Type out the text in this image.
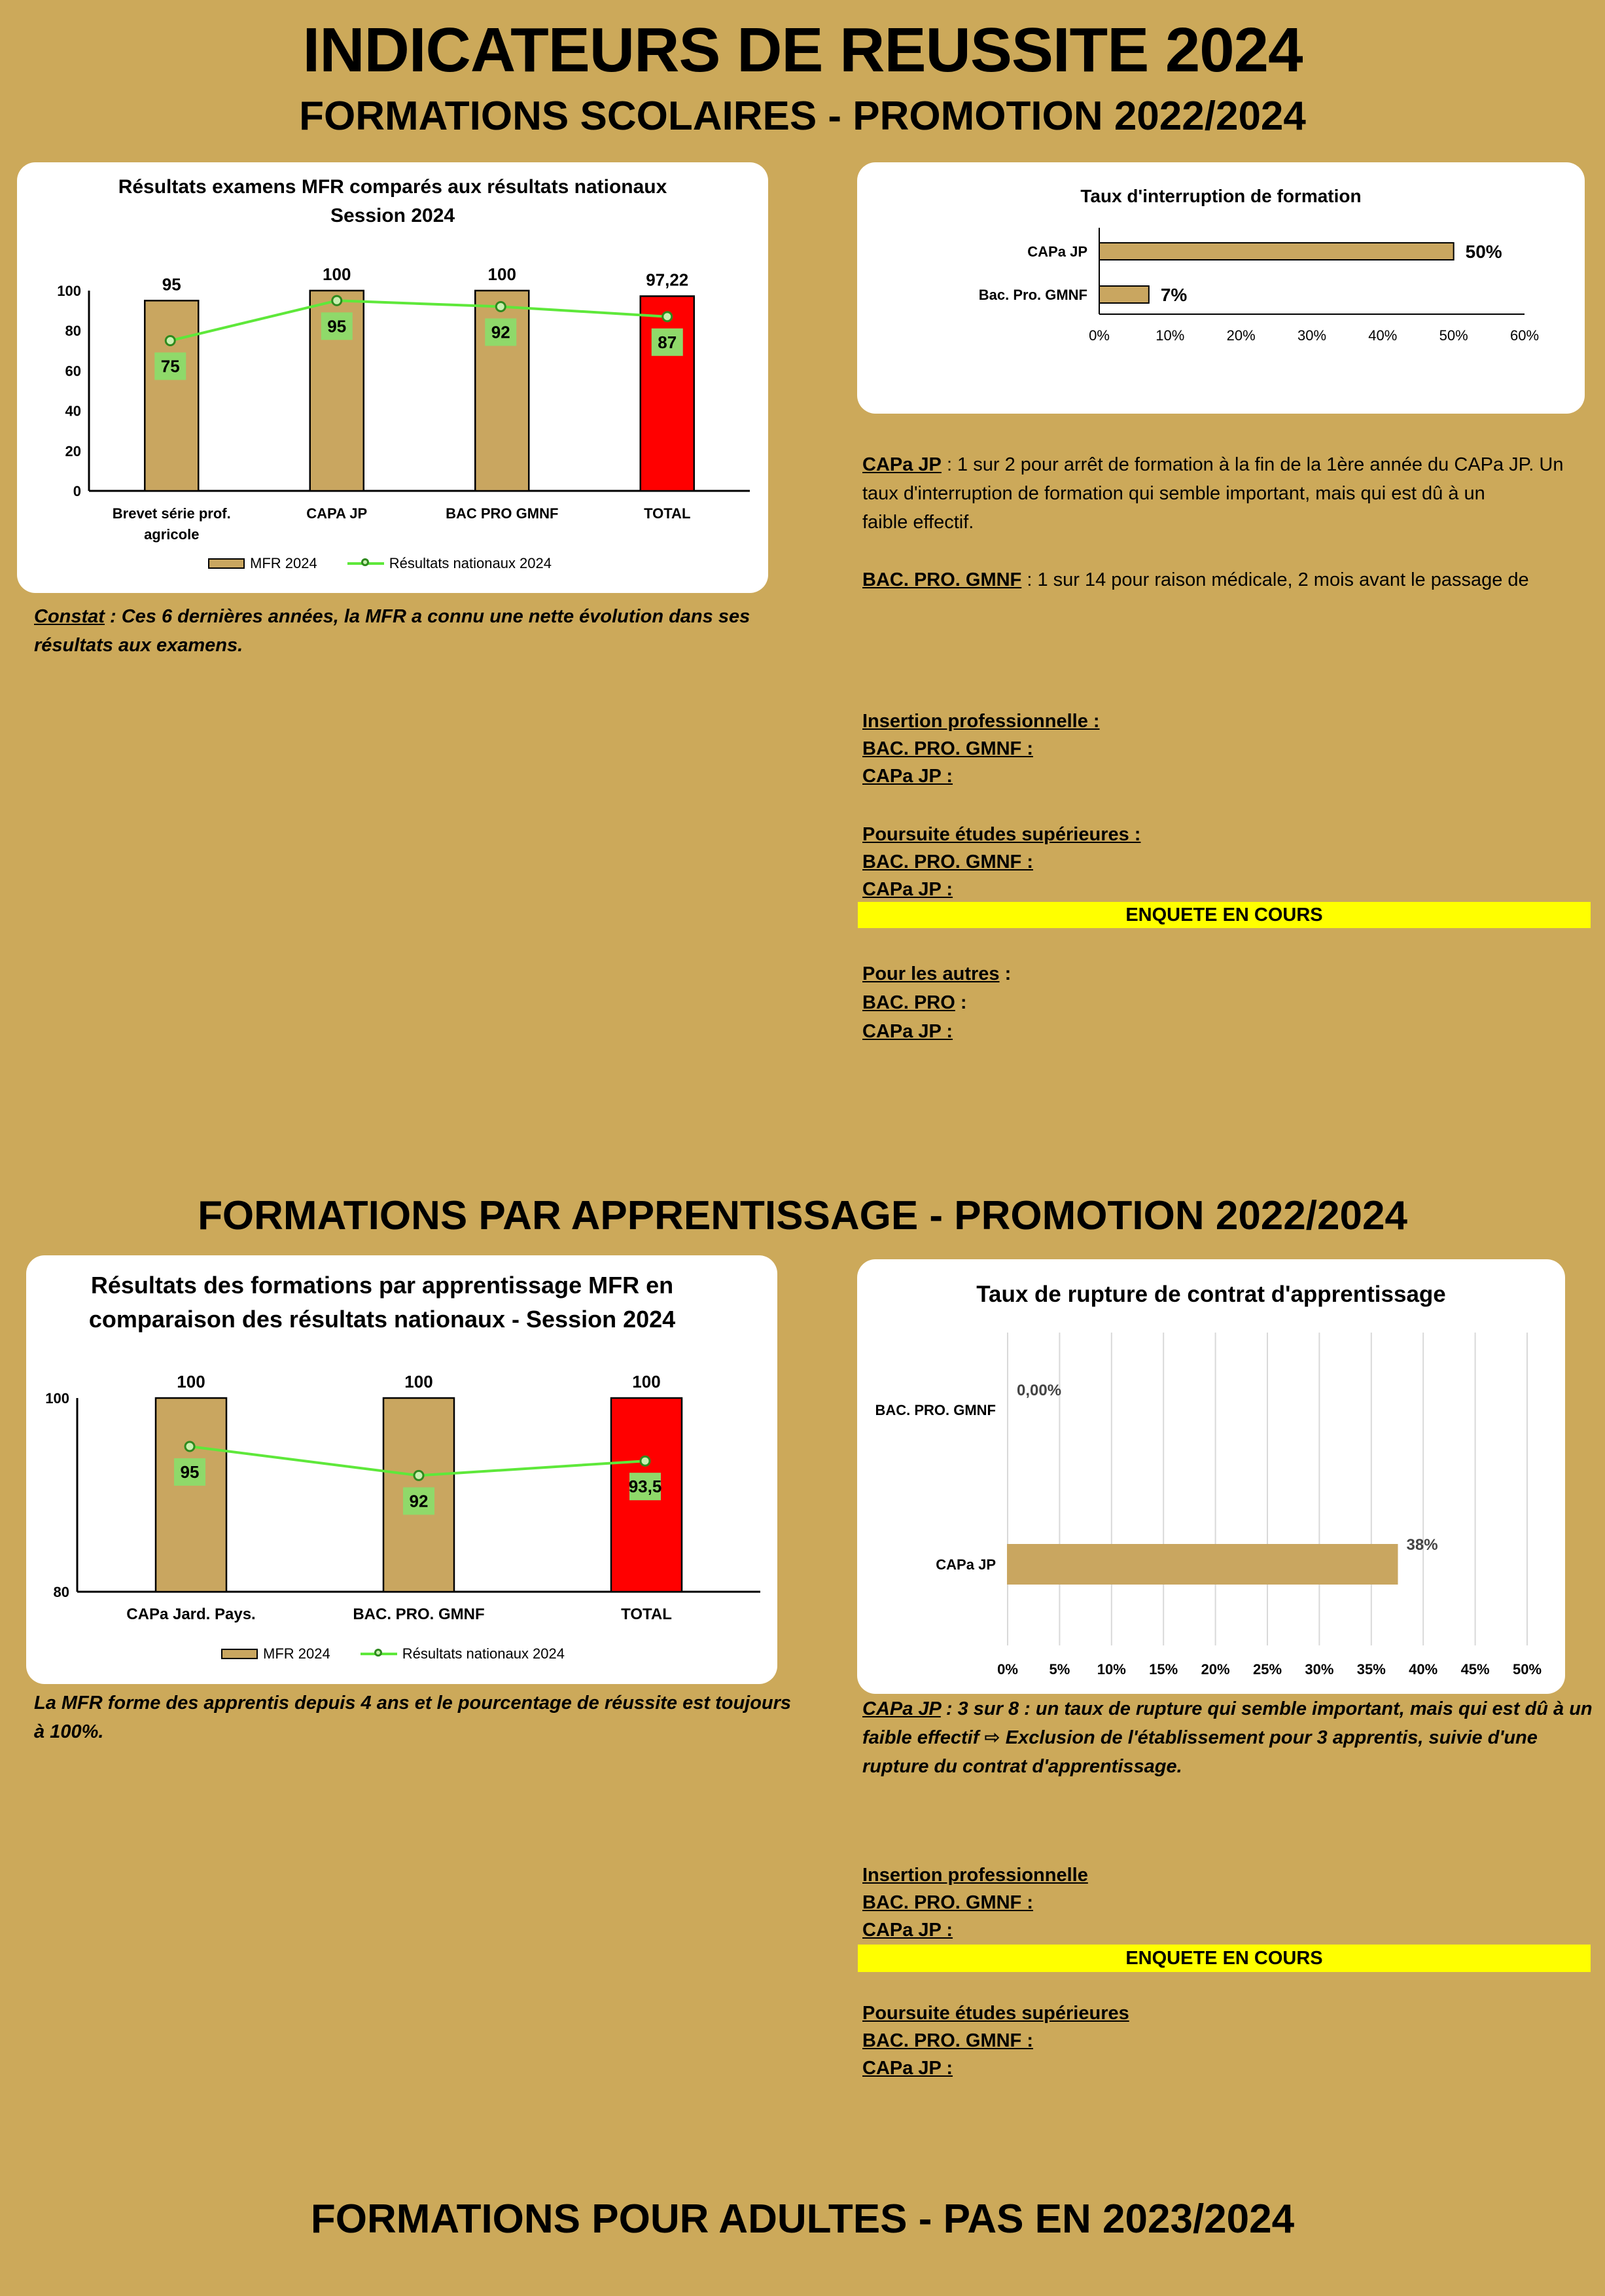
INDICATEURS DE REUSSITE 2024
FORMATIONS SCOLAIRES - PROMOTION 2022/2024
FORMATIONS PAR APPRENTISSAGE - PROMOTION 2022/2024
FORMATIONS POUR ADULTES - PAS EN 2023/2024
Résultats examens MFR comparés aux résultats nationaux
Session 2024
0
20
40
60
80
100	95
Brevet série prof.
agricole
100
CAPA JP
100
BAC PRO GMNF
97,22
TOTAL
75
95	92
87
MFR 2024	Résultats nationaux 2024
Taux d'interruption de formation
0%	10%	20%	30%	40%	50%	60%
CAPa JP	50%
Bac. Pro. GMNF	7%
Résultats des formations par apprentissage MFR en
comparaison des résultats nationaux - Session 2024
80
100
100
CAPa Jard. Pays.
100
BAC. PRO. GMNF
100
TOTAL
95
92
93,5
MFR 2024	Résultats nationaux 2024
Taux de rupture de contrat d'apprentissage
0% 5% 10% 15% 20% 25% 30% 35% 40% 45% 50%
BAC. PRO. GMNF
0,00%
CAPa JP
38%
Constat : Ces 6 dernières années, la MFR a connu une nette évolution dans ses
résultats aux examens.
CAPa JP : 1 sur 2 pour arrêt de formation à la fin de la 1ère année du CAPa JP. Un
taux d'interruption de formation qui semble important, mais qui est dû à un
faible effectif.

BAC. PRO. GMNF : 1 sur 14 pour raison médicale, 2 mois avant le passage de
Insertion professionnelle :
BAC. PRO. GMNF :
CAPa JP :
Poursuite études supérieures :
BAC. PRO. GMNF :
CAPa JP :
ENQUETE EN COURS
Pour les autres :
BAC. PRO :
CAPa JP :
La MFR forme des apprentis depuis 4 ans et le pourcentage de réussite est toujours
à 100%.
CAPa JP : 3 sur 8 : un taux de rupture qui semble important, mais qui est dû à un
faible effectif ⇨ Exclusion de l'établissement pour 3 apprentis, suivie d'une
rupture du contrat d'apprentissage.
Insertion professionnelle
BAC. PRO. GMNF :
CAPa JP :
ENQUETE EN COURS
Poursuite études supérieures
BAC. PRO. GMNF :
CAPa JP :
